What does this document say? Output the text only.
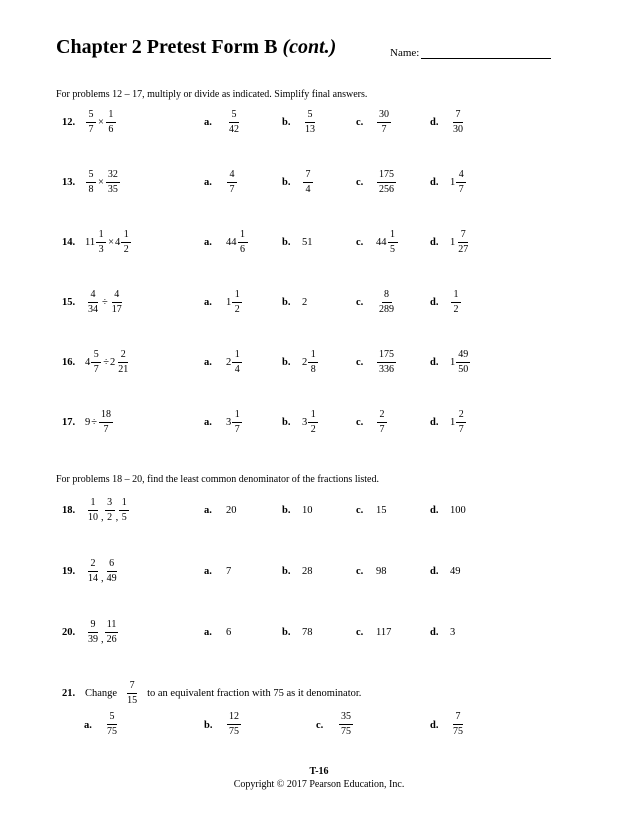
Chapter 2 Pretest Form B (cont.)	Name:
For problems 12 – 17, multiply or divide as indicated. Simplify final answers.
12. $\frac{5}{7} \times \frac{1}{6}$	a. $\frac{5}{42}$	b. $\frac{5}{13}$	c. $\frac{30}{7}$	d. $\frac{7}{30}$
13. $\frac{5}{8} \times \frac{32}{35}$	a. $\frac{4}{7}$	b. $\frac{7}{4}$	c. $\frac{175}{256}$	d. $1 \frac{4}{7}$
14. $11 \frac{1}{3} \times 4 \frac{1}{2}$	a. $44 \frac{1}{6}$	b. 51	c. $44 \frac{1}{5}$	d. $1 \frac{7}{27}$
15. $\frac{4}{34} \div \frac{4}{17}$	a. $1 \frac{1}{2}$	b. 2	c. $\frac{8}{289}$	d. $\frac{1}{2}$
16. $4 \frac{5}{7} \div 2 \frac{2}{21}$	a. $2 \frac{1}{4}$	b. $2 \frac{1}{8}$	c. $\frac{175}{336}$	d. $1 \frac{49}{50}$
17. $9\div \frac{18}{7}$	a. $3 \frac{1}{7}$	b. $3 \frac{1}{2}$	c. $\frac{2}{7}$	d. $1 \frac{2}{7}$
For problems 18 – 20, find the least common denominator of the fractions listed.
18. $\frac{1}{10}$ , $\frac{3}{2}$ , $\frac{1}{5}$	a. 20	b. 10	c. 15	d. 100
19. $\frac{2}{14}$ , $\frac{6}{49}$	a. 7	b. 28	c. 98	d. 49
20. $\frac{9}{39}$ , $\frac{11}{26}$	a. 6	b. 78	c. 117	d. 3
21. Change $\frac{7}{15}$ to an equivalent fraction with 75 as it denominator.
a. $\frac{5}{75}$	b. $\frac{12}{75}$	c. $\frac{35}{75}$	d. $\frac{7}{75}$
T-16
Copyright © 2017 Pearson Education, Inc.
